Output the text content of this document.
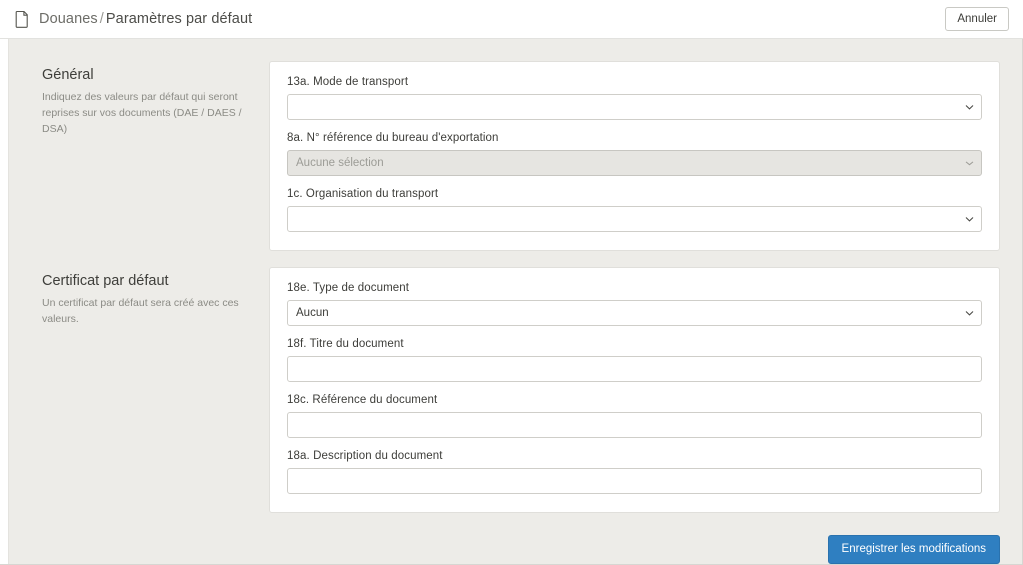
Douanes / Paramètres par défaut	Annuler
Général

Indiquez des valeurs par défaut qui seront reprises sur vos documents (DAE / DAES / DSA)

13a. Mode de transport
8a. N° référence du bureau d'exportation
Aucune sélection
1c. Organisation du transport
Certificat par défaut

Un certificat par défaut sera créé avec ces valeurs.

18e. Type de document
Aucun
18f. Titre du document
18c. Référence du document
18a. Description du document
Enregistrer les modifications
